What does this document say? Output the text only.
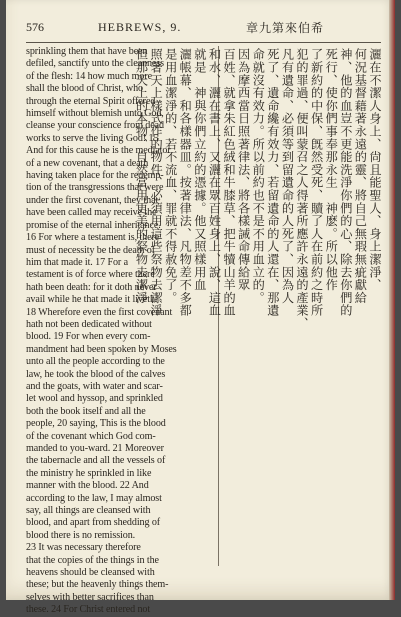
576	HEBREWS, 9.	章九第來伯希
sprinkling them that have been
defiled, sanctify unto the cleanness
of the flesh: 14 how much more
shall the blood of Christ, who
through the eternal Spirit offered
himself without blemish unto God,
cleanse your conscience from dead
works to serve the living God! 15
And for this cause he is the mediator
of a new covenant, that a death
having taken place for the redemp-
tion of the transgressions that were
under the first covenant, they that
have been called may receive the
promise of the eternal inheritance.
16 For where a testament is, there
must of necessity be the death of
him that made it. 17 For a
testament is of force where there
hath been death: for it doth never
avail while he that made it liveth.
18 Wherefore even the first covenant
hath not been dedicated without
blood. 19 For when every com-
mandment had been spoken by Moses
unto all the people according to the
law, he took the blood of the calves
and the goats, with water and scar-
let wool and hyssop, and sprinkled
both the book itself and all the
people, 20 saying, This is the blood
of the covenant which God com-
manded to you-ward. 21 Moreover
the tabernacle and all the vessels of
the ministry he sprinkled in like
manner with the blood. 22 And
according to the law, I may almost
say, all things are cleansed with
blood, and apart from shedding of
blood there is no remission.
23 It was necessary therefore
that the copies of the things in the
heavens should be cleansed with
these; but the heavenly things them-
selves with better sacrifices than
these. 24 For Christ entered not
灑在不潔人身上、尙且能聖人、身上潔淨、
何況基督藉著永遠的靈、將自己無瑕無疵獻給
神、他的血豈不更能洗淨你們的心、除去你們的
死行、使你們事奉那永生　神麽。所以他作
了新約的中保、旣然受死、贖了人在前約之時所
犯的罪過、便叫蒙召之人得著所應許永遠的產業、
凡有遺命、必須等到留遺命的人死了、因為人
死了、遺命纔有效力、若留遺命的人還在、那遺
命就沒有效力。所以前約也不是不用血立的。
因為摩西當日照著律法、將各樣誡命傳給眾
百姓、就拿朱紅色絨和牛膝草、把牛犢山羊的血
和水、灑在書上、又灑在眾百姓身上、說、這血
就是　神與你們立約的憑據。他又照樣用血
灑帳幕、和各樣器皿。按著律法、凡物差不多都
是用血潔淨的、若不流血、罪就不得赦免了。
照著天上樣式作的物件、必須用這些祭物去潔淨
但那天上的本物、自然當用更美的祭物去潔淨
